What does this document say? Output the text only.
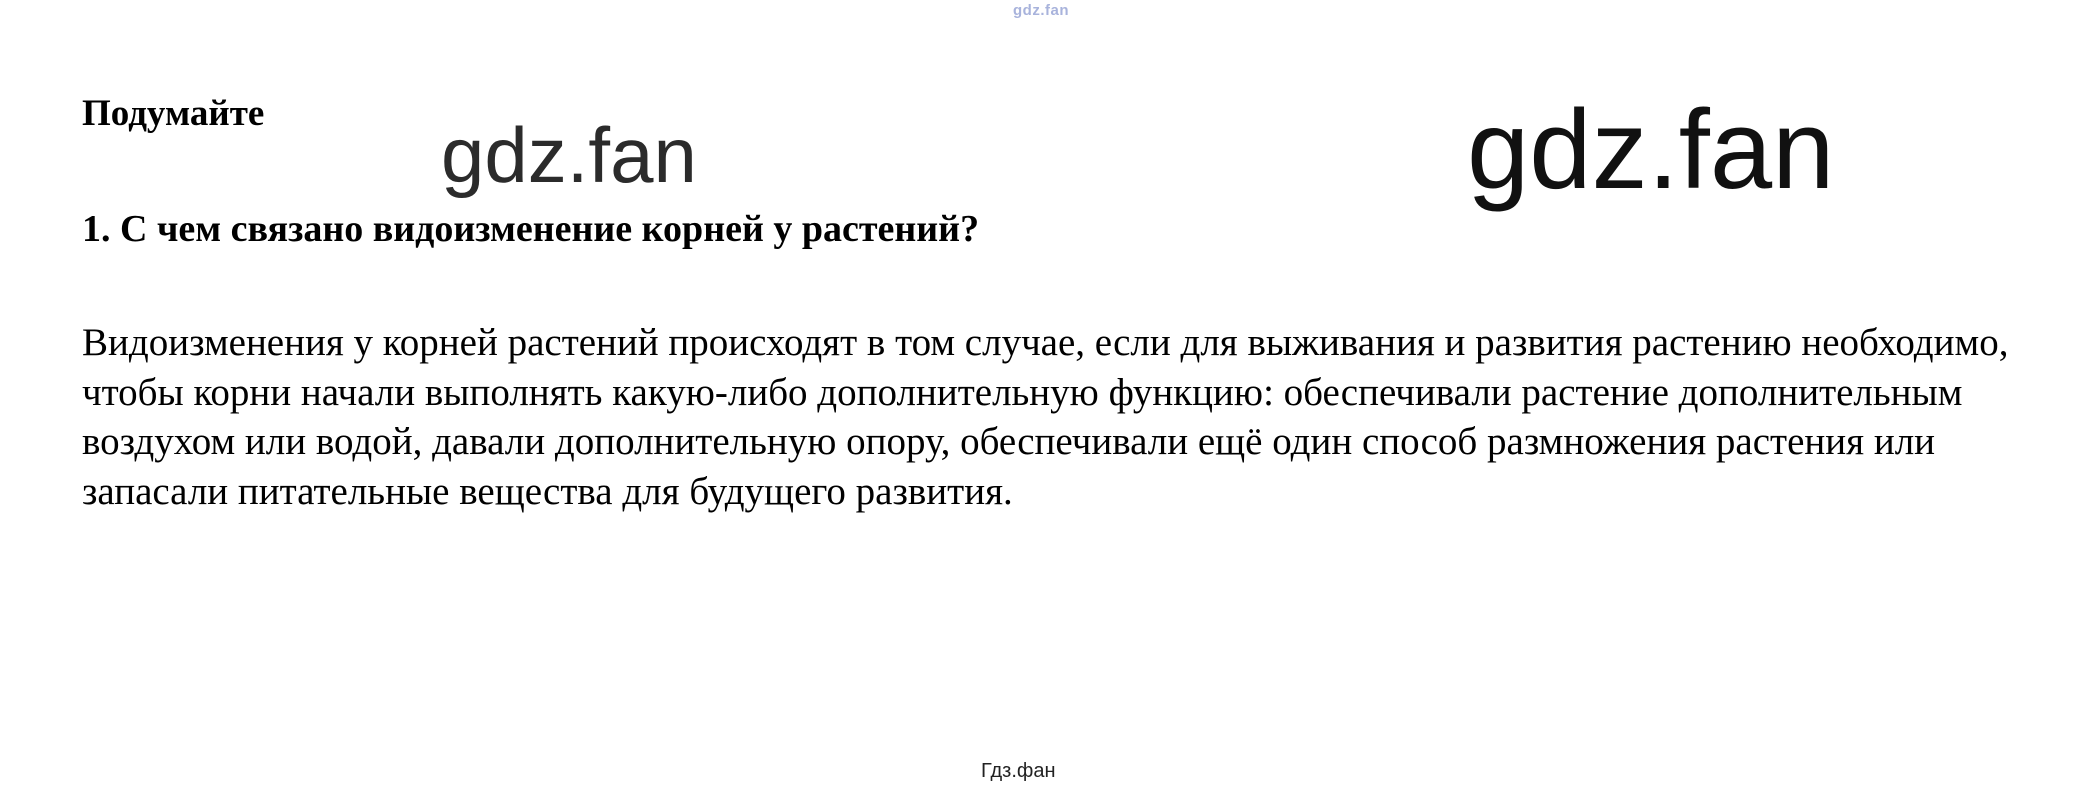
gdz.fan
Подумайте gdz.fan	gdz.fan
1. С чем связано видоизменение корней у растений?
Видоизменения у корней растений происходят в том случае, если для выживания и развития растению необходимо, чтобы корни начали выполнять какую-либо дополнительную функцию: обеспечивали растение дополнительным воздухом или водой, давали дополнительную опору, обеспечивали ещё один способ размножения растения или запасали питательные вещества для будущего развития.
Гдз.фан
